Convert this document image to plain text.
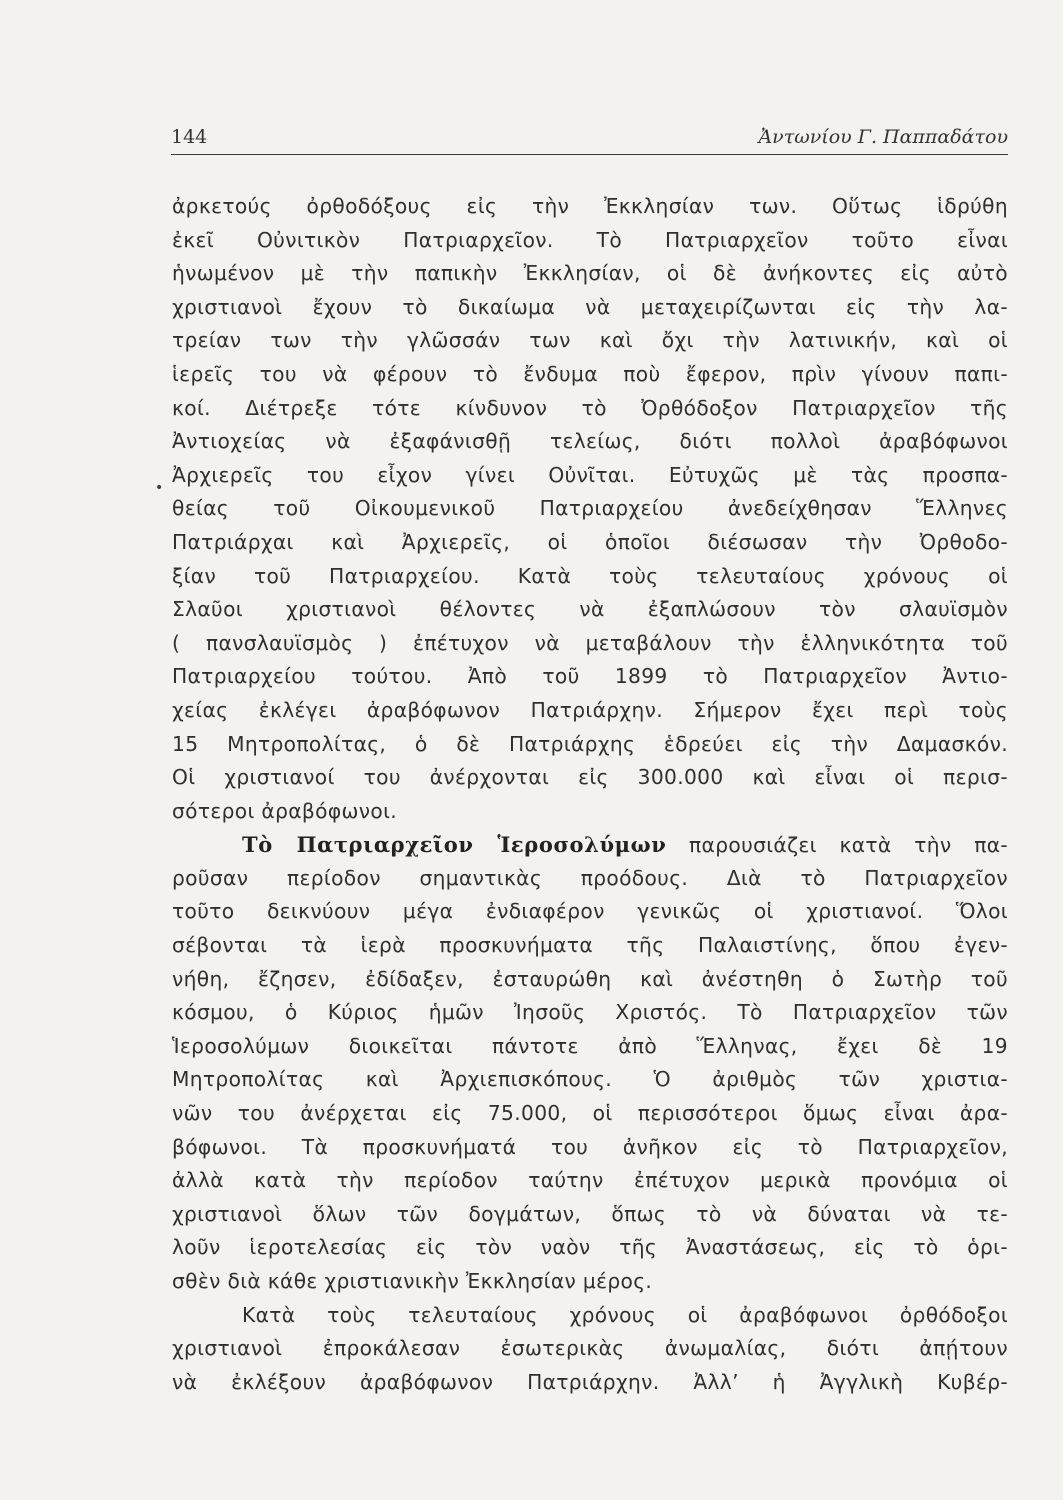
144	Ἀντωνίου Γ. Παππαδάτου
ἀρκετούς ὀρθοδόξους εἰς τὴν Ἐκκλησίαν των. Οὕτως ἱδρύθη
ἐκεῖ Οὐνιτικὸν Πατριαρχεῖον. Τὸ Πατριαρχεῖον τοῦτο εἶναι
ἡνωμένον μὲ τὴν παπικὴν Ἐκκλησίαν, οἱ δὲ ἀνήκοντες εἰς αὐτὸ
χριστιανοὶ ἔχουν τὸ δικαίωμα νὰ μεταχειρίζωνται εἰς τὴν λα-
τρείαν των τὴν γλῶσσάν των καὶ ὄχι τὴν λατινικήν, καὶ οἱ
ἱερεῖς του νὰ φέρουν τὸ ἔνδυμα ποὺ ἔφερον, πρὶν γίνουν παπι-
κοί. Διέτρεξε τότε κίνδυνον τὸ Ὀρθόδοξον Πατριαρχεῖον τῆς
Ἀντιοχείας νὰ ἐξαφάνισθῇ τελείως, διότι πολλοὶ ἀραβόφωνοι
Ἀρχιερεῖς του εἶχον γίνει Οὐνῖται. Εὐτυχῶς μὲ τὰς προσπα-
θείας τοῦ Οἰκουμενικοῦ Πατριαρχείου ἀνεδείχθησαν Ἕλληνες
Πατριάρχαι καὶ Ἀρχιερεῖς, οἱ ὁποῖοι διέσωσαν τὴν Ὀρθοδο-
ξίαν τοῦ Πατριαρχείου. Κατὰ τοὺς τελευταίους χρόνους οἱ
Σλαῦοι χριστιανοὶ θέλοντες νὰ ἐξαπλώσουν τὸν σλαυϊσμὸν
( πανσλαυϊσμὸς ) ἐπέτυχον νὰ μεταβάλουν τὴν ἑλληνικότητα τοῦ
Πατριαρχείου τούτου. Ἀπὸ τοῦ 1899 τὸ Πατριαρχεῖον Ἀντιο-
χείας ἐκλέγει ἀραβόφωνον Πατριάρχην. Σήμερον ἔχει περὶ τοὺς
15 Μητροπολίτας, ὁ δὲ Πατριάρχης ἑδρεύει εἰς τὴν Δαμασκόν.
Οἱ χριστιανοί του ἀνέρχονται εἰς 300.000 καὶ εἶναι οἱ περισ-
σότεροι ἀραβόφωνοι.
Τὸ Πατριαρχεῖον Ἱεροσολύμων παρουσιάζει κατὰ τὴν πα-
ροῦσαν περίοδον σημαντικὰς προόδους. Διὰ τὸ Πατριαρχεῖον
τοῦτο δεικνύουν μέγα ἐνδιαφέρον γενικῶς οἱ χριστιανοί. Ὅλοι
σέβονται τὰ ἱερὰ προσκυνήματα τῆς Παλαιστίνης, ὅπου ἐγεν-
νήθη, ἔζησεν, ἐδίδαξεν, ἐσταυρώθη καὶ ἀνέστηθη ὁ Σωτὴρ τοῦ
κόσμου, ὁ Κύριος ἡμῶν Ἰησοῦς Χριστός. Τὸ Πατριαρχεῖον τῶν
Ἱεροσολύμων διοικεῖται πάντοτε ἀπὸ Ἕλληνας, ἔχει δὲ 19
Μητροπολίτας καὶ Ἀρχιεπισκόπους. Ὁ ἀριθμὸς τῶν χριστια-
νῶν του ἀνέρχεται εἰς 75.000, οἱ περισσότεροι ὅμως εἶναι ἀρα-
βόφωνοι. Τὰ προσκυνήματά του ἀνῆκον εἰς τὸ Πατριαρχεῖον,
ἀλλὰ κατὰ τὴν περίοδον ταύτην ἐπέτυχον μερικὰ προνόμια οἱ
χριστιανοὶ ὅλων τῶν δογμάτων, ὅπως τὸ νὰ δύναται νὰ τε-
λοῦν ἱεροτελεσίας εἰς τὸν ναὸν τῆς Ἀναστάσεως, εἰς τὸ ὁρι-
σθὲν διὰ κάθε χριστιανικὴν Ἐκκλησίαν μέρος.
Κατὰ τοὺς τελευταίους χρόνους οἱ ἀραβόφωνοι ὀρθόδοξοι
χριστιανοὶ ἐπροκάλεσαν ἐσωτερικὰς ἀνωμαλίας, διότι ἀπῄτουν
νὰ ἐκλέξουν ἀραβόφωνον Πατριάρχην. Ἀλλ’ ἡ Ἀγγλικὴ Κυβέρ-
•
